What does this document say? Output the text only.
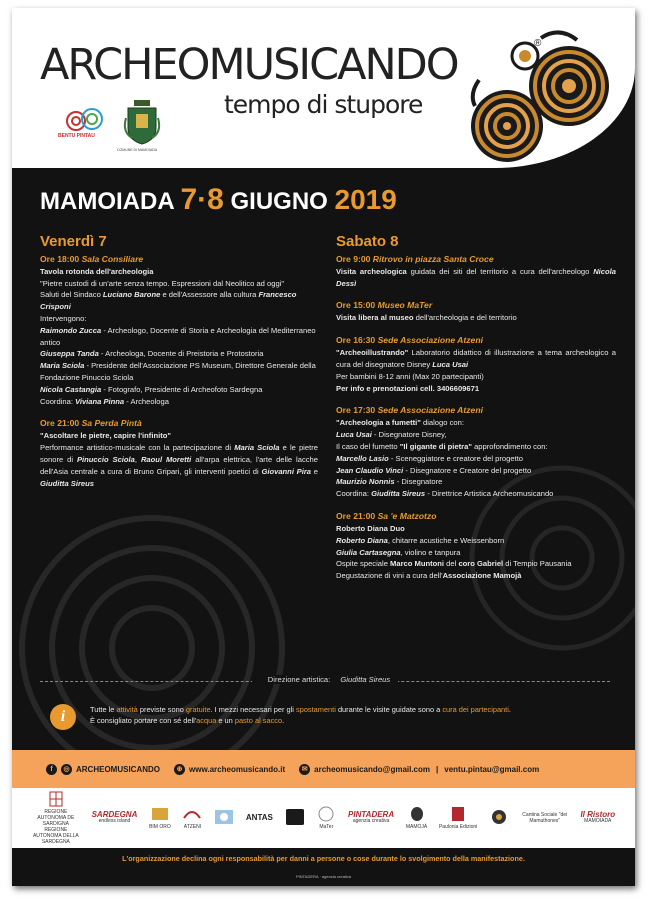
ARCHEOMUSICANDO	®
tempo di stupore
BENTU PINTAU
COMUNE DI MAMOIADA
MAMOIADA 7·8 GIUGNO 2019
Venerdì 7
Ore 18:00 Sala Consiliare
Tavola rotonda dell'archeologia
"Pietre custodi di un'arte senza tempo. Espressioni dal Neolitico ad oggi"
Saluti del Sindaco Luciano Barone e dell'Assessore alla cultura Francesco Crisponi
Intervengono:
Raimondo Zucca - Archeologo, Docente di Storia e Archeologia del Mediterraneo antico
Giuseppa Tanda - Archeologa, Docente di Preistoria e Protostoria
Maria Sciola - Presidente dell'Associazione PS Museum, Direttore Generale della Fondazione Pinuccio Sciola
Nicola Castangia - Fotografo, Presidente di Archeofoto Sardegna
Coordina: Viviana Pinna - Archeologa
Ore 21:00 Sa Perda Pintà
"Ascoltare le pietre, capire l'infinito"
Performance artistico-musicale con la partecipazione di Maria Sciola e le pietre sonore di Pinuccio Sciola, Raoul Moretti all'arpa elettrica, l'arte delle lacche dell'Asia centrale a cura di Bruno Gripari, gli interventi poetici di Giovanni Pira e Giuditta Sireus
Sabato 8
Ore 9:00 Ritrovo in piazza Santa Croce
Visita archeologica guidata dei siti del territorio a cura dell'archeologo Nicola Dessì
Ore 15:00 Museo MaTer
Visita libera al museo dell'archeologia e del territorio
Ore 16:30 Sede Associazione Atzeni
"Archeoillustrando" Laboratorio didattico di illustrazione a tema archeologico a cura del disegnatore Disney Luca Usai
Per bambini 8-12 anni (Max 20 partecipanti)
Per info e prenotazioni cell. 3406609671
Ore 17:30 Sede Associazione Atzeni
"Archeologia a fumetti" dialogo con:
Luca Usai - Disegnatore Disney,
Il caso del fumetto "Il gigante di pietra" approfondimento con:
Marcello Lasio - Sceneggiatore e creatore del progetto
Jean Claudio Vinci - Disegnatore e Creatore del progetto
Maurizio Nonnis - Disegnatore
Coordina: Giuditta Sireus - Direttrice Artistica Archeomusicando
Ore 21:00 Sa 'e Matzotzo
Roberto Diana Duo
Roberto Diana, chitarre acustiche e Weissenborn
Giulia Cartasegna, violino e tanpura
Ospite speciale Marco Muntoni del coro Gabriel di Tempio Pausania
Degustazione di vini a cura dell'Associazione Mamojà
Direzione artistica: Giuditta Sireus
i	Tutte le attività previste sono gratuite. I mezzi necessari per gli spostamenti durante le visite guidate sono a cura dei partecipanti.
È consigliato portare con sé dell'acqua e un pasto al sacco.
f	◎ ARCHEOMUSICANDO	⊕ www.archeomusicando.it	✉ archeomusicando@gmail.com | ventu.pintau@gmail.com
REGIONE AUTONOMA DE SARDIGNA REGIONE AUTONOMA DELLA SARDEGNA
SARDEGNA
endless island
BIM ORO	ATZENI
ANTAS
MaTer
PINTADERA
agenzia creativa
MAMOJÀ Paulonia Edizioni
Cantina Sociale "dei Mamuthones"
Il Ristoro
MAMOIADA
L'organizzazione declina ogni responsabilità per danni a persone o cose durante lo svolgimento della manifestazione.
PINTADERA · agenzia creativa
